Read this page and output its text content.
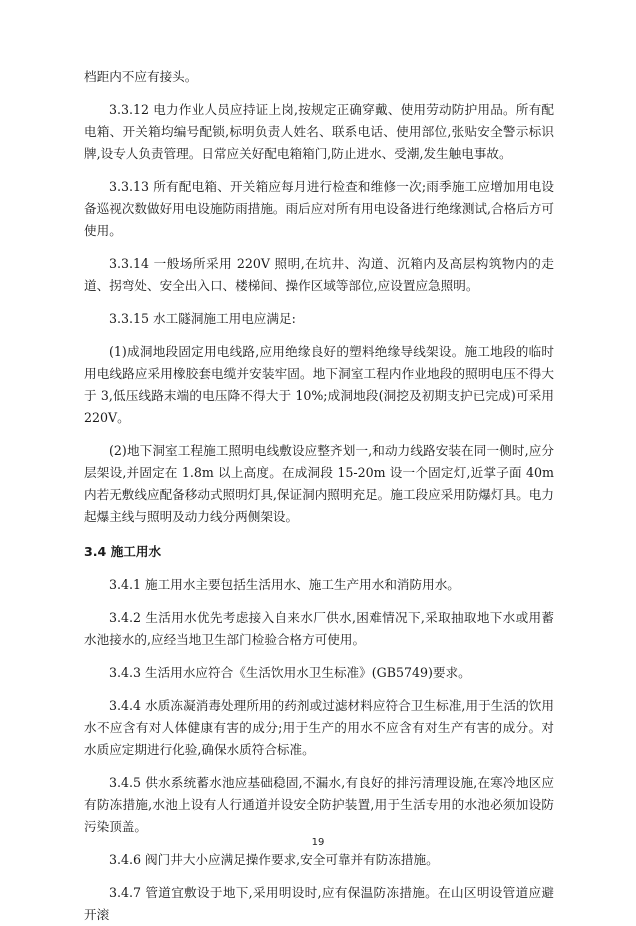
档距内不应有接头。

3.3.12 电力作业人员应持证上岗,按规定正确穿戴、使用劳动防护用品。所有配电箱、开关箱均编号配锁,标明负责人姓名、联系电话、使用部位,张贴安全警示标识牌,设专人负责管理。日常应关好配电箱箱门,防止进水、受潮,发生触电事故。

3.3.13 所有配电箱、开关箱应每月进行检查和维修一次;雨季施工应增加用电设备巡视次数做好用电设施防雨措施。雨后应对所有用电设备进行绝缘测试,合格后方可使用。

3.3.14 一般场所采用 220V 照明,在坑井、沟道、沉箱内及高层构筑物内的走道、拐弯处、安全出入口、楼梯间、操作区域等部位,应设置应急照明。

3.3.15 水工隧洞施工用电应满足:

(1)成洞地段固定用电线路,应用绝缘良好的塑料绝缘导线架设。施工地段的临时用电线路应采用橡胶套电缆并安装牢固。地下洞室工程内作业地段的照明电压不得大于 3,低压线路末端的电压降不得大于 10%;成洞地段(洞挖及初期支护已完成)可采用 220V。

(2)地下洞室工程施工照明电线敷设应整齐划一,和动力线路安装在同一侧时,应分层架设,并固定在 1.8m 以上高度。在成洞段 15-20m 设一个固定灯,近掌子面 40m 内若无敷线应配备移动式照明灯具,保证洞内照明充足。施工段应采用防爆灯具。电力起爆主线与照明及动力线分两侧架设。

3.4 施工用水

3.4.1 施工用水主要包括生活用水、施工生产用水和消防用水。

3.4.2 生活用水优先考虑接入自来水厂供水,困难情况下,采取抽取地下水或用蓄水池接水的,应经当地卫生部门检验合格方可使用。

3.4.3 生活用水应符合《生活饮用水卫生标准》(GB5749)要求。

3.4.4 水质冻凝消毒处理所用的药剂或过滤材料应符合卫生标准,用于生活的饮用水不应含有对人体健康有害的成分;用于生产的用水不应含有对生产有害的成分。对水质应定期进行化验,确保水质符合标准。

3.4.5 供水系统蓄水池应基础稳固,不漏水,有良好的排污清理设施,在寒冷地区应有防冻措施,水池上设有人行通道并设安全防护装置,用于生活专用的水池必须加设防污染顶盖。

3.4.6 阀门井大小应满足操作要求,安全可靠并有防冻措施。

3.4.7 管道宜敷设于地下,采用明设时,应有保温防冻措施。在山区明设管道应避开滚

19
